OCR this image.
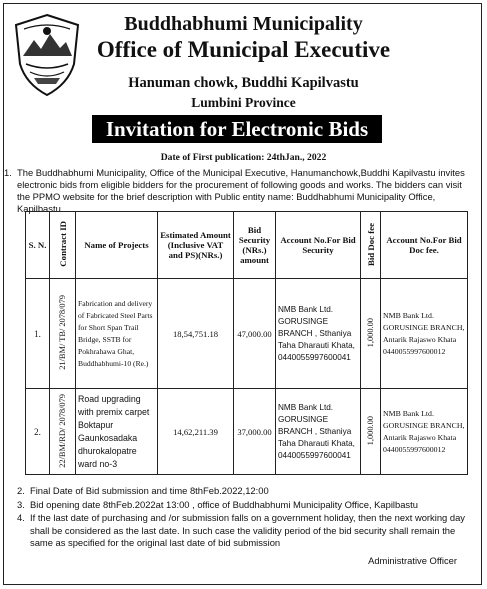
Buddhabhumi Municipality
Office of Municipal Executive
Hanuman chowk, Buddhi Kapilvastu
Lumbini Province
Invitation for Electronic Bids
Date of First publication: 24thJan., 2022
1. The Buddhabhumi Municipality, Office of the Municipal Executive, Hanumanchowk,Buddhi Kapilvastu invites electronic bids from eligible bidders for the procurement of following goods and works. The bidders can visit the PPMO website for the brief description with Public entity name: Buddhabhumi Municipality Office, Kapilbastu.
S. N.	Contract ID	Name of Projects	Estimated Amount (Inclusive VAT and PS)(NRs.)	Bid Security (NRs.) amount	Account No.For Bid Security	Bid Doc fee	Account No.For Bid Doc fee.
1.	21/BM/ TB/ 2078/079	Fabrication and delivery of Fabricated Steel Parts for Short Span Trail Bridge, SSTB for Pokhrahawa Ghat, Buddhabhumi-10 (Re.)	18,54,751.18	47,000.00	NMB Bank Ltd. GORUSINGE BRANCH , Sthaniya Taha Dharauti Khata, 0440055997600041	1,000.00	NMB Bank Ltd. GORUSINGE BRANCH, Antarik Rajaswo Khata 0440055997600012
2.	22/BM/RD/ 2078/079	Road upgrading with premix carpet Boktapur Gaunkosadaka dhurokalopatre ward no-3	14,62,211.39	37,000.00	NMB Bank Ltd. GORUSINGE BRANCH , Sthaniya Taha Dharauti Khata, 0440055997600041	1,000.00	NMB Bank Ltd. GORUSINGE BRANCH, Antarik Rajaswo Khata 0440055997600012
2. Final Date of Bid submission and time 8thFeb.2022,12:00
3. Bid opening date 8thFeb.2022at 13:00 , office of Buddhabhumi Municipality Office, Kapilbastu
4. If the last date of purchasing and /or submission falls on a government holiday, then the next working day shall be considered as the last date. In such case the validity period of the bid security shall remain the same as specified for the original last date of bid submission
Administrative Officer
